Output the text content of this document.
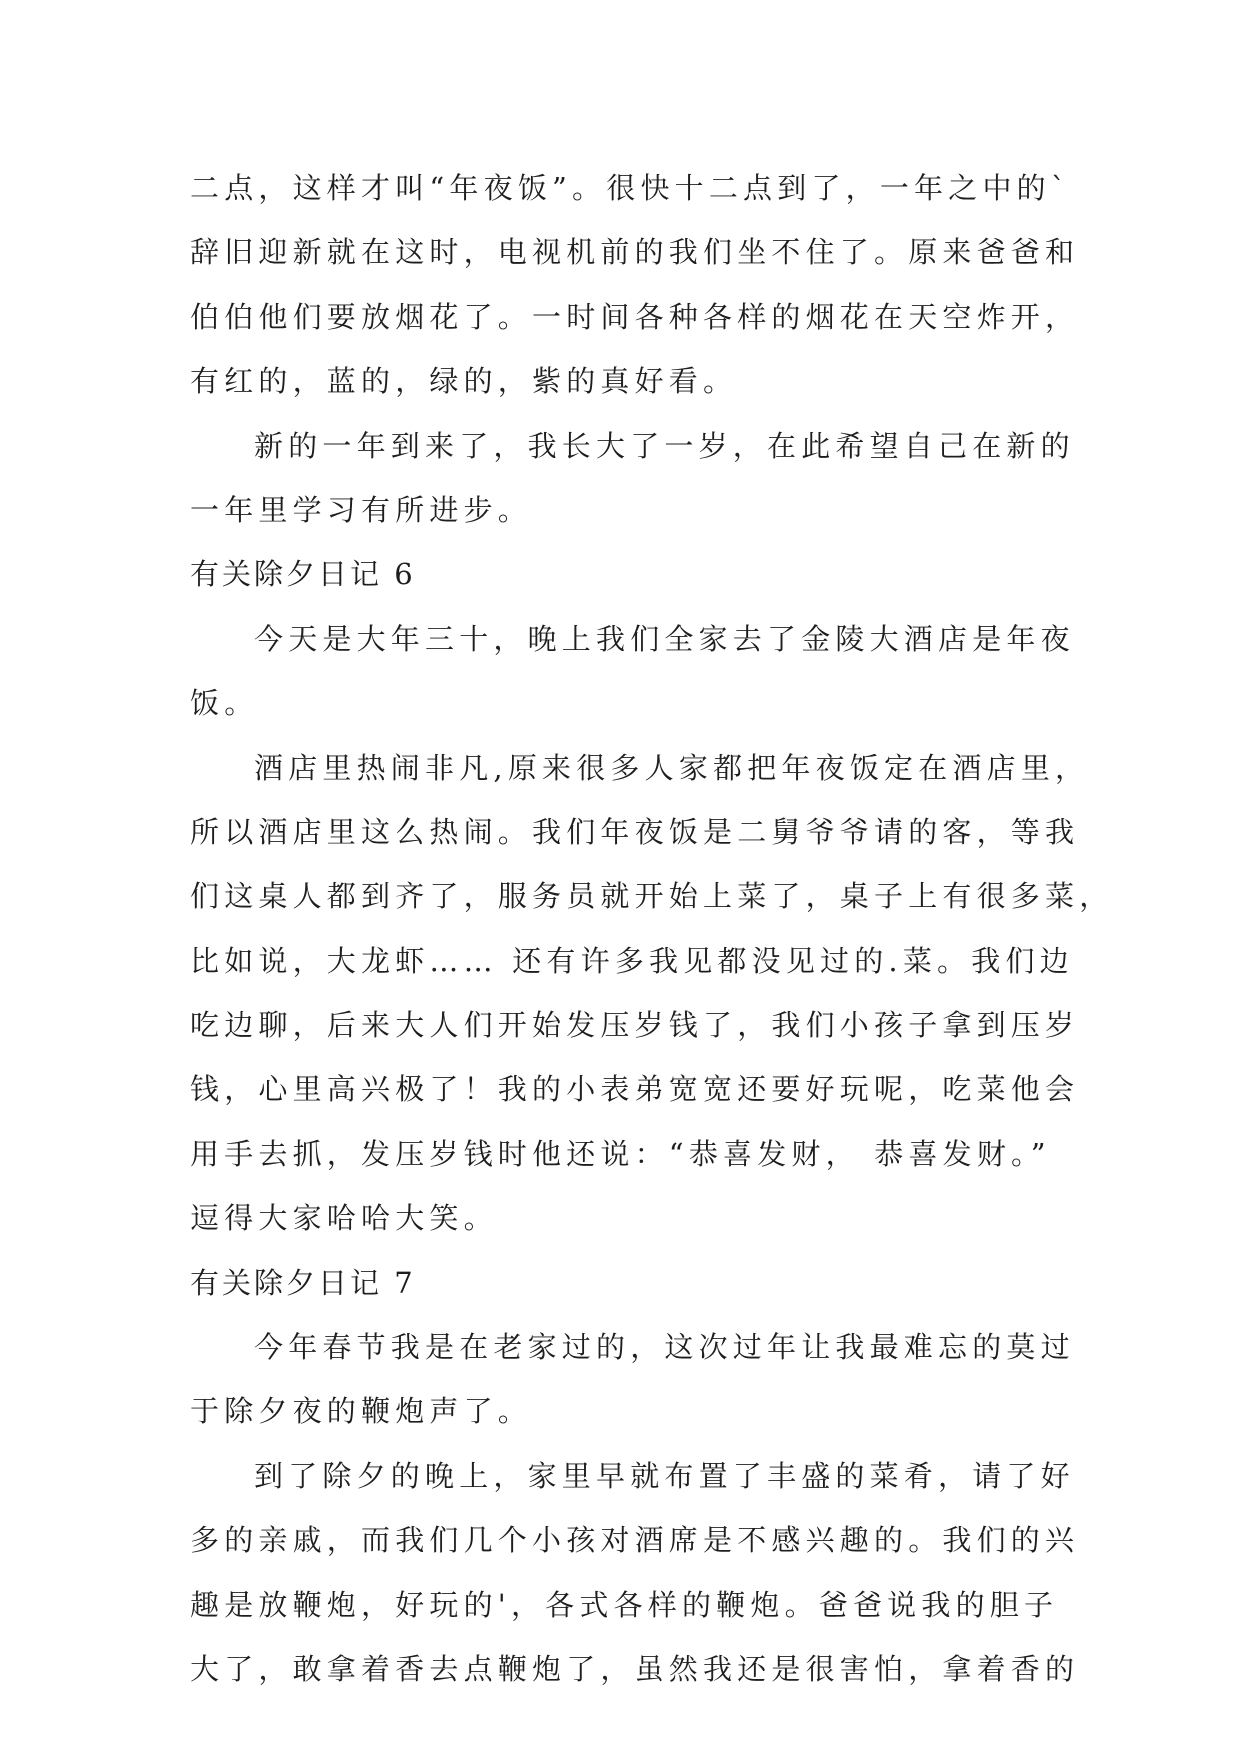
二点，这样才叫“年夜饭”。很快十二点到了，一年之中的`
辞旧迎新就在这时，电视机前的我们坐不住了。原来爸爸和
伯伯他们要放烟花了。一时间各种各样的烟花在天空炸开，
有红的，蓝的，绿的，紫的真好看。
新的一年到来了，我长大了一岁，在此希望自己在新的
一年里学习有所进步。
有关除夕日记 6
今天是大年三十，晚上我们全家去了金陵大酒店是年夜
饭。
酒店里热闹非凡,原来很多人家都把年夜饭定在酒店里，
所以酒店里这么热闹。我们年夜饭是二舅爷爷请的客，等我
们这桌人都到齐了，服务员就开始上菜了，桌子上有很多菜，
比如说，大龙虾…… 还有许多我见都没见过的.菜。我们边
吃边聊，后来大人们开始发压岁钱了，我们小孩子拿到压岁
钱，心里高兴极了！我的小表弟宽宽还要好玩呢，吃菜他会
用手去抓，发压岁钱时他还说：“恭喜发财， 恭喜发财。”
逗得大家哈哈大笑。
有关除夕日记 7
今年春节我是在老家过的，这次过年让我最难忘的莫过
于除夕夜的鞭炮声了。
到了除夕的晚上，家里早就布置了丰盛的菜肴，请了好
多的亲戚，而我们几个小孩对酒席是不感兴趣的。我们的兴
趣是放鞭炮，好玩的'，各式各样的鞭炮。爸爸说我的胆子
大了，敢拿着香去点鞭炮了，虽然我还是很害怕，拿着香的
